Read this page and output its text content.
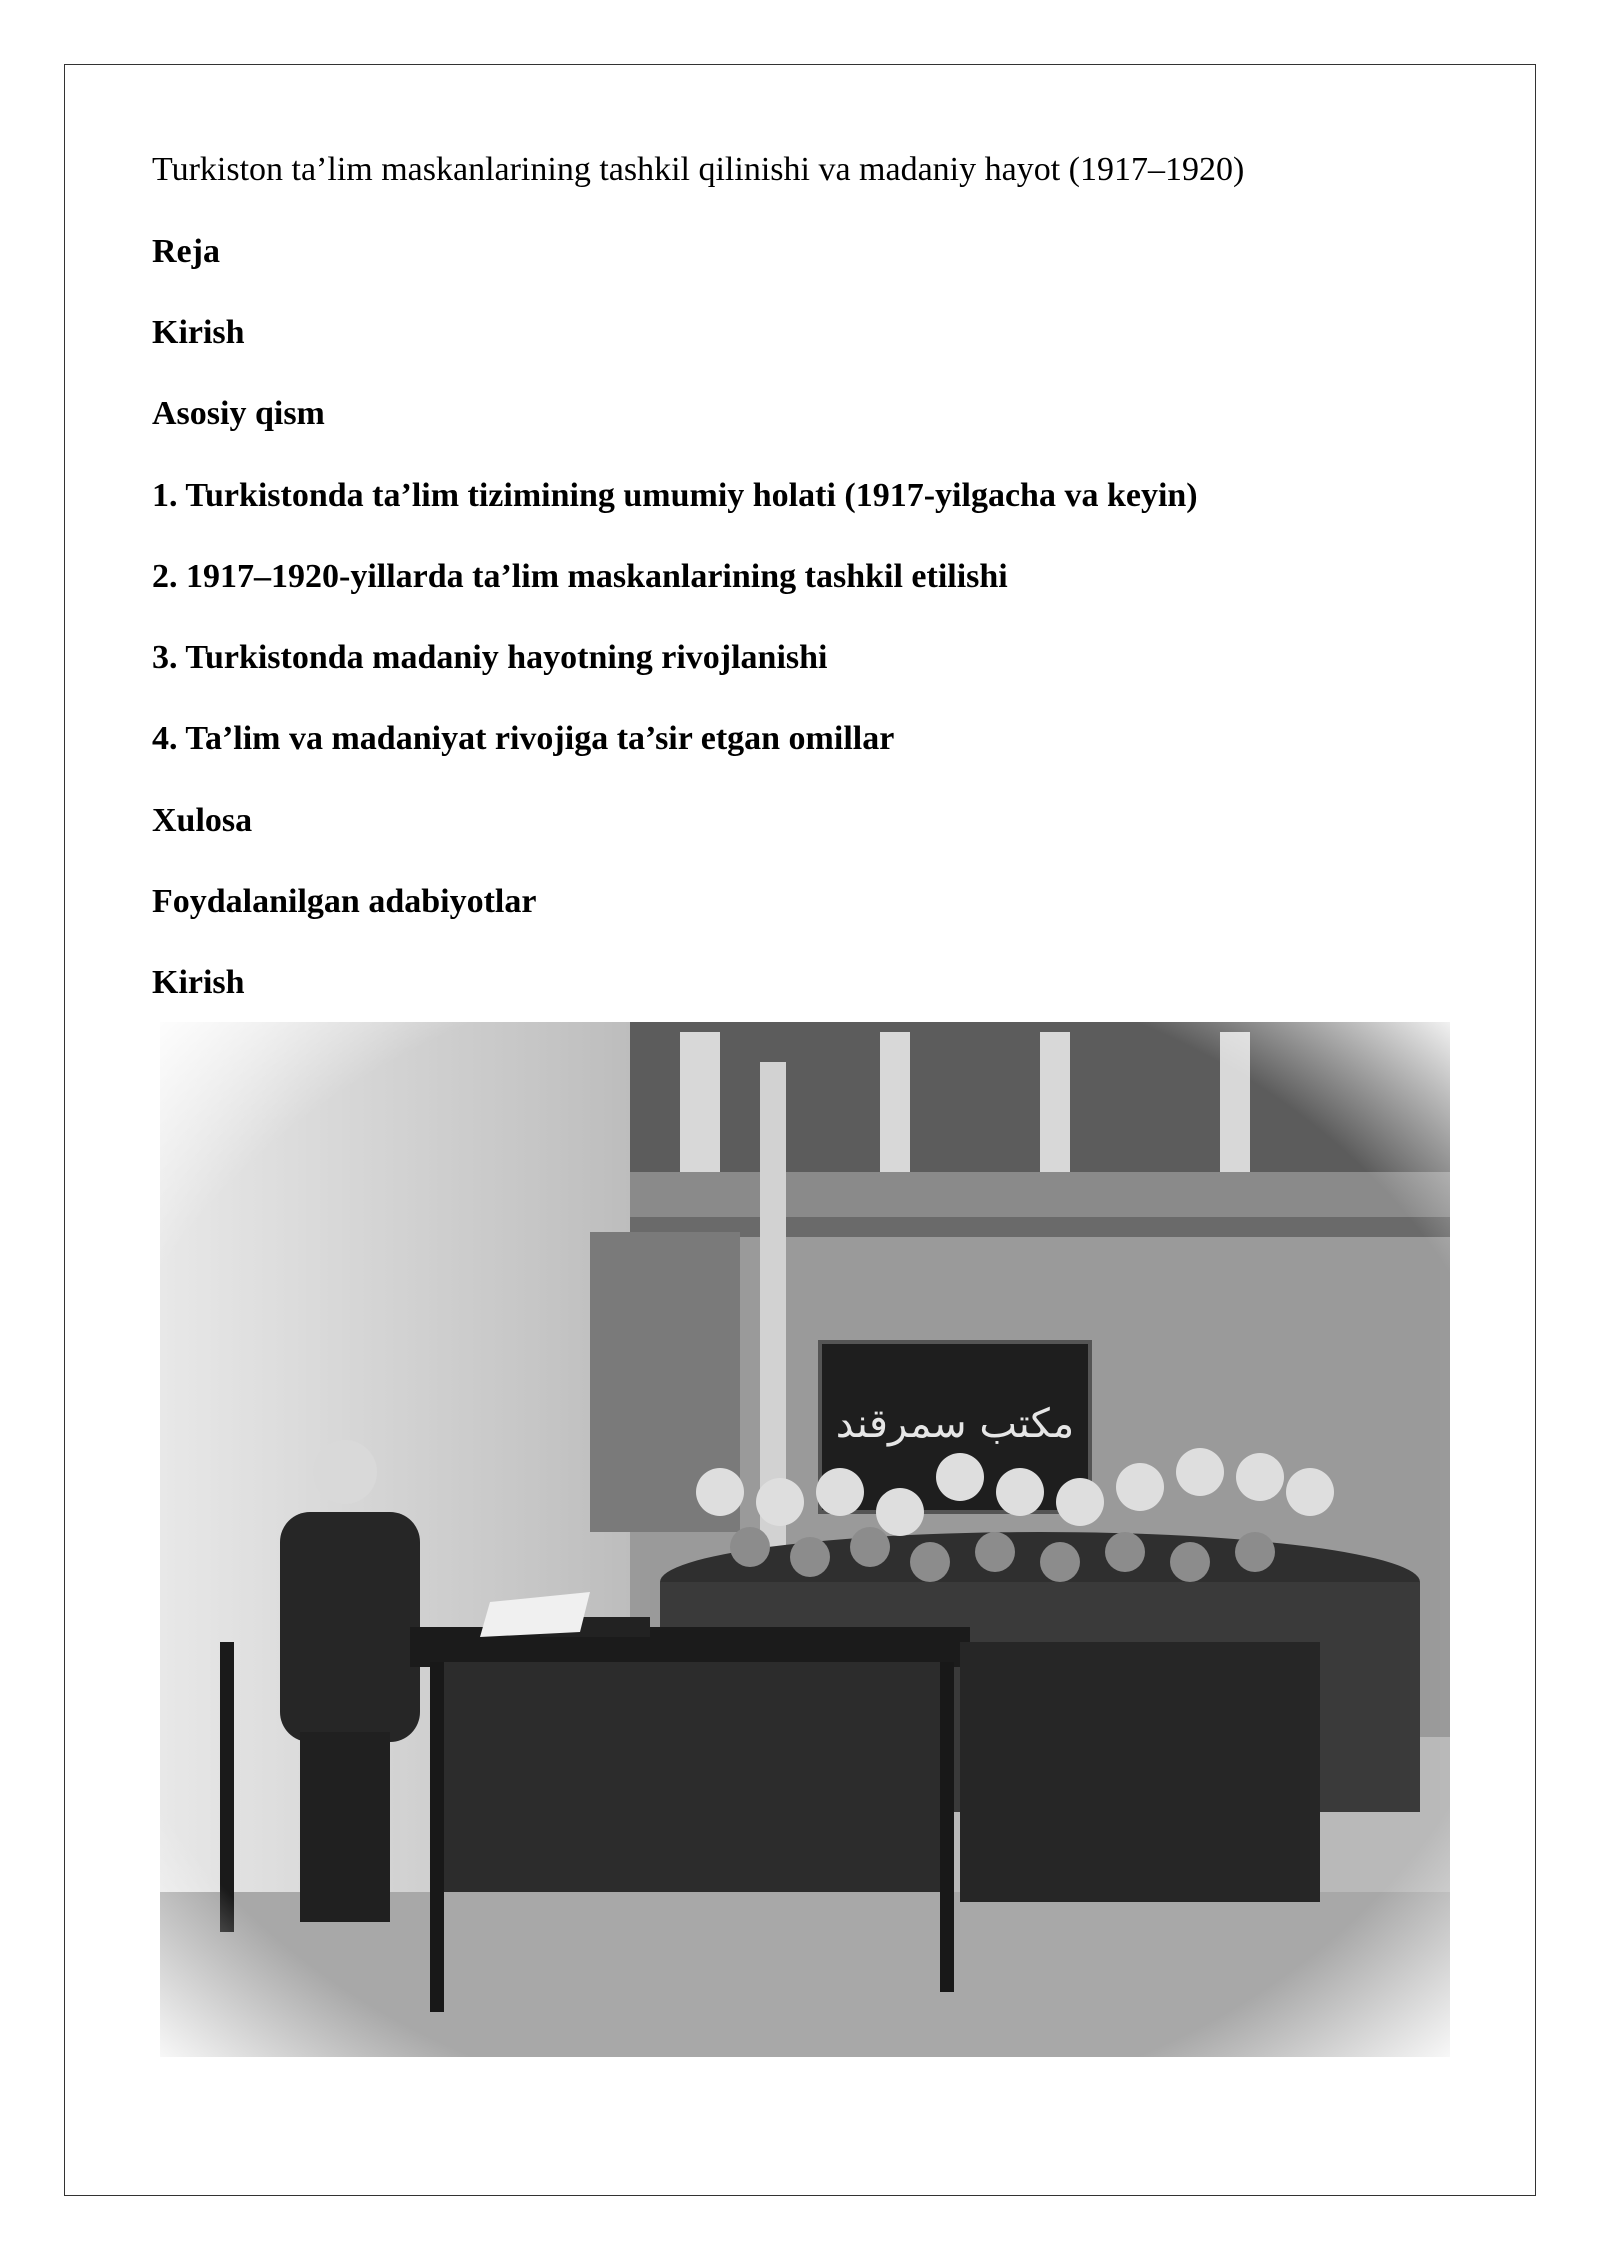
Turkiston ta’lim maskanlarining tashkil qilinishi va madaniy hayot (1917–1920)

Reja

Kirish

Asosiy qism

1. Turkistonda ta’lim tizimining umumiy holati (1917-yilgacha va keyin)

2. 1917–1920-yillarda ta’lim maskanlarining tashkil etilishi

3. Turkistonda madaniy hayotning rivojlanishi

4. Ta’lim va madaniyat rivojiga ta’sir etgan omillar

Xulosa

Foydalanilgan adabiyotlar

Kirish
